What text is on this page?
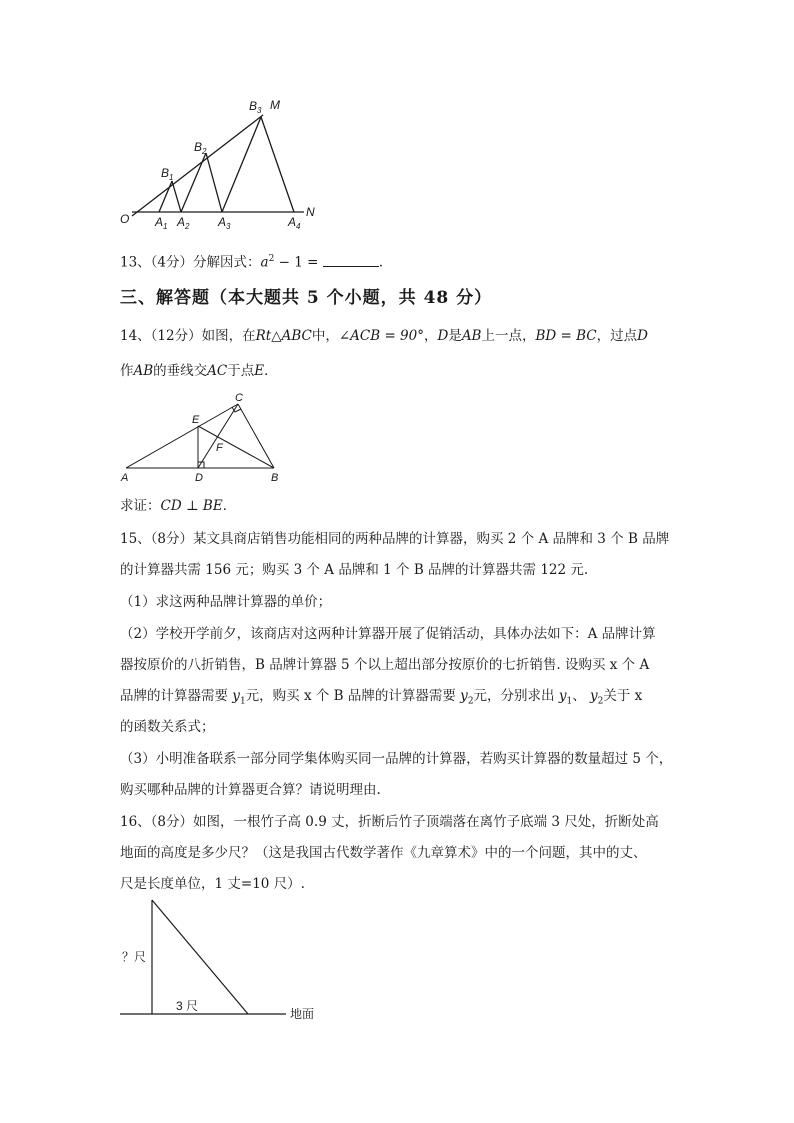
O
M
N
$B_1$
$B_2$
$B_3$
$A_1$ $A_2$ $A_3$	$A_4$
13、（4分）分解因式：$a^2 - 1$ =	.
三、解答题（本大题共 5 个小题，共 48 分）
14、（12分）如图，在Rt△ABC中，∠ACB = 90°，D是AB上一点，BD = BC，过点D
作AB的垂线交AC于点E．
A	B
C
D
E
F
求证：CD ⊥ BE．
15、（8分）某文具商店销售功能相同的两种品牌的计算器，购买 2 个 A 品牌和 3 个 B 品牌
的计算器共需 156 元；购买 3 个 A 品牌和 1 个 B 品牌的计算器共需 122 元.
（1）求这两种品牌计算器的单价；
（2）学校开学前夕，该商店对这两种计算器开展了促销活动，具体办法如下：A 品牌计算
器按原价的八折销售，B 品牌计算器 5 个以上超出部分按原价的七折销售. 设购买 x 个 A
品牌的计算器需要 $y_1$元，购买 x 个 B 品牌的计算器需要 $y_2$元，分别求出 $y_1$、 $y_2$关于 x
的函数关系式；
（3）小明准备联系一部分同学集体购买同一品牌的计算器，若购买计算器的数量超过 5 个，
购买哪种品牌的计算器更合算？请说明理由.
16、（8分）如图，一根竹子高 0.9 丈，折断后竹子顶端落在离竹子底端 3 尺处，折断处高
地面的高度是多少尺？（这是我国古代数学著作《九章算术》中的一个问题，其中的丈、
尺是长度单位，1 丈=10 尺）.
？尺
3 尺
地面
